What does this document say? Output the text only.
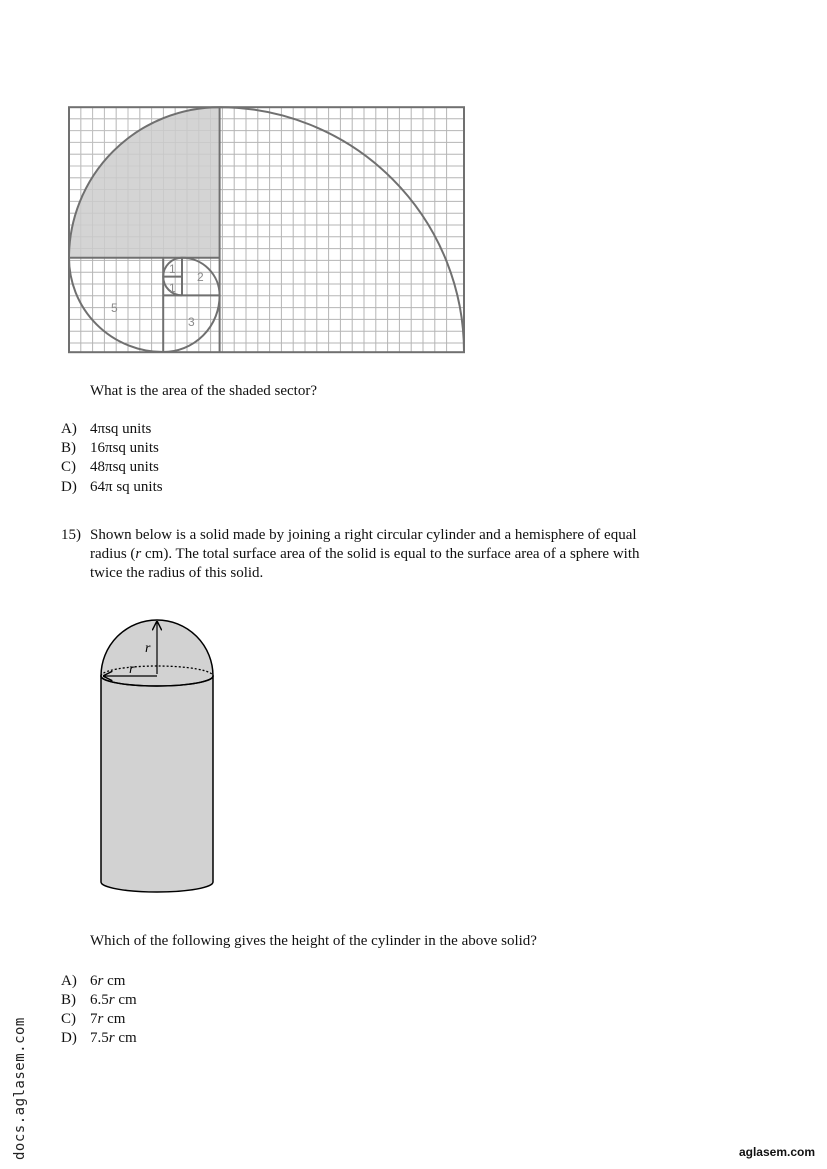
1
1
2
3
5
What is the area of the shaded sector?
A) 4πsq units
B) 16πsq units
C) 48πsq units
D) 64π sq units
15) Shown below is a solid made by joining a right circular cylinder and a hemisphere of equal
radius (r cm). The total surface area of the solid is equal to the surface area of a sphere with
twice the radius of this solid.
r
r
Which of the following gives the height of the cylinder in the above solid?
A) 6r cm
B) 6.5r cm
C) 7r cm
D) 7.5r cm
docs.aglasem.com	aglasem.com
